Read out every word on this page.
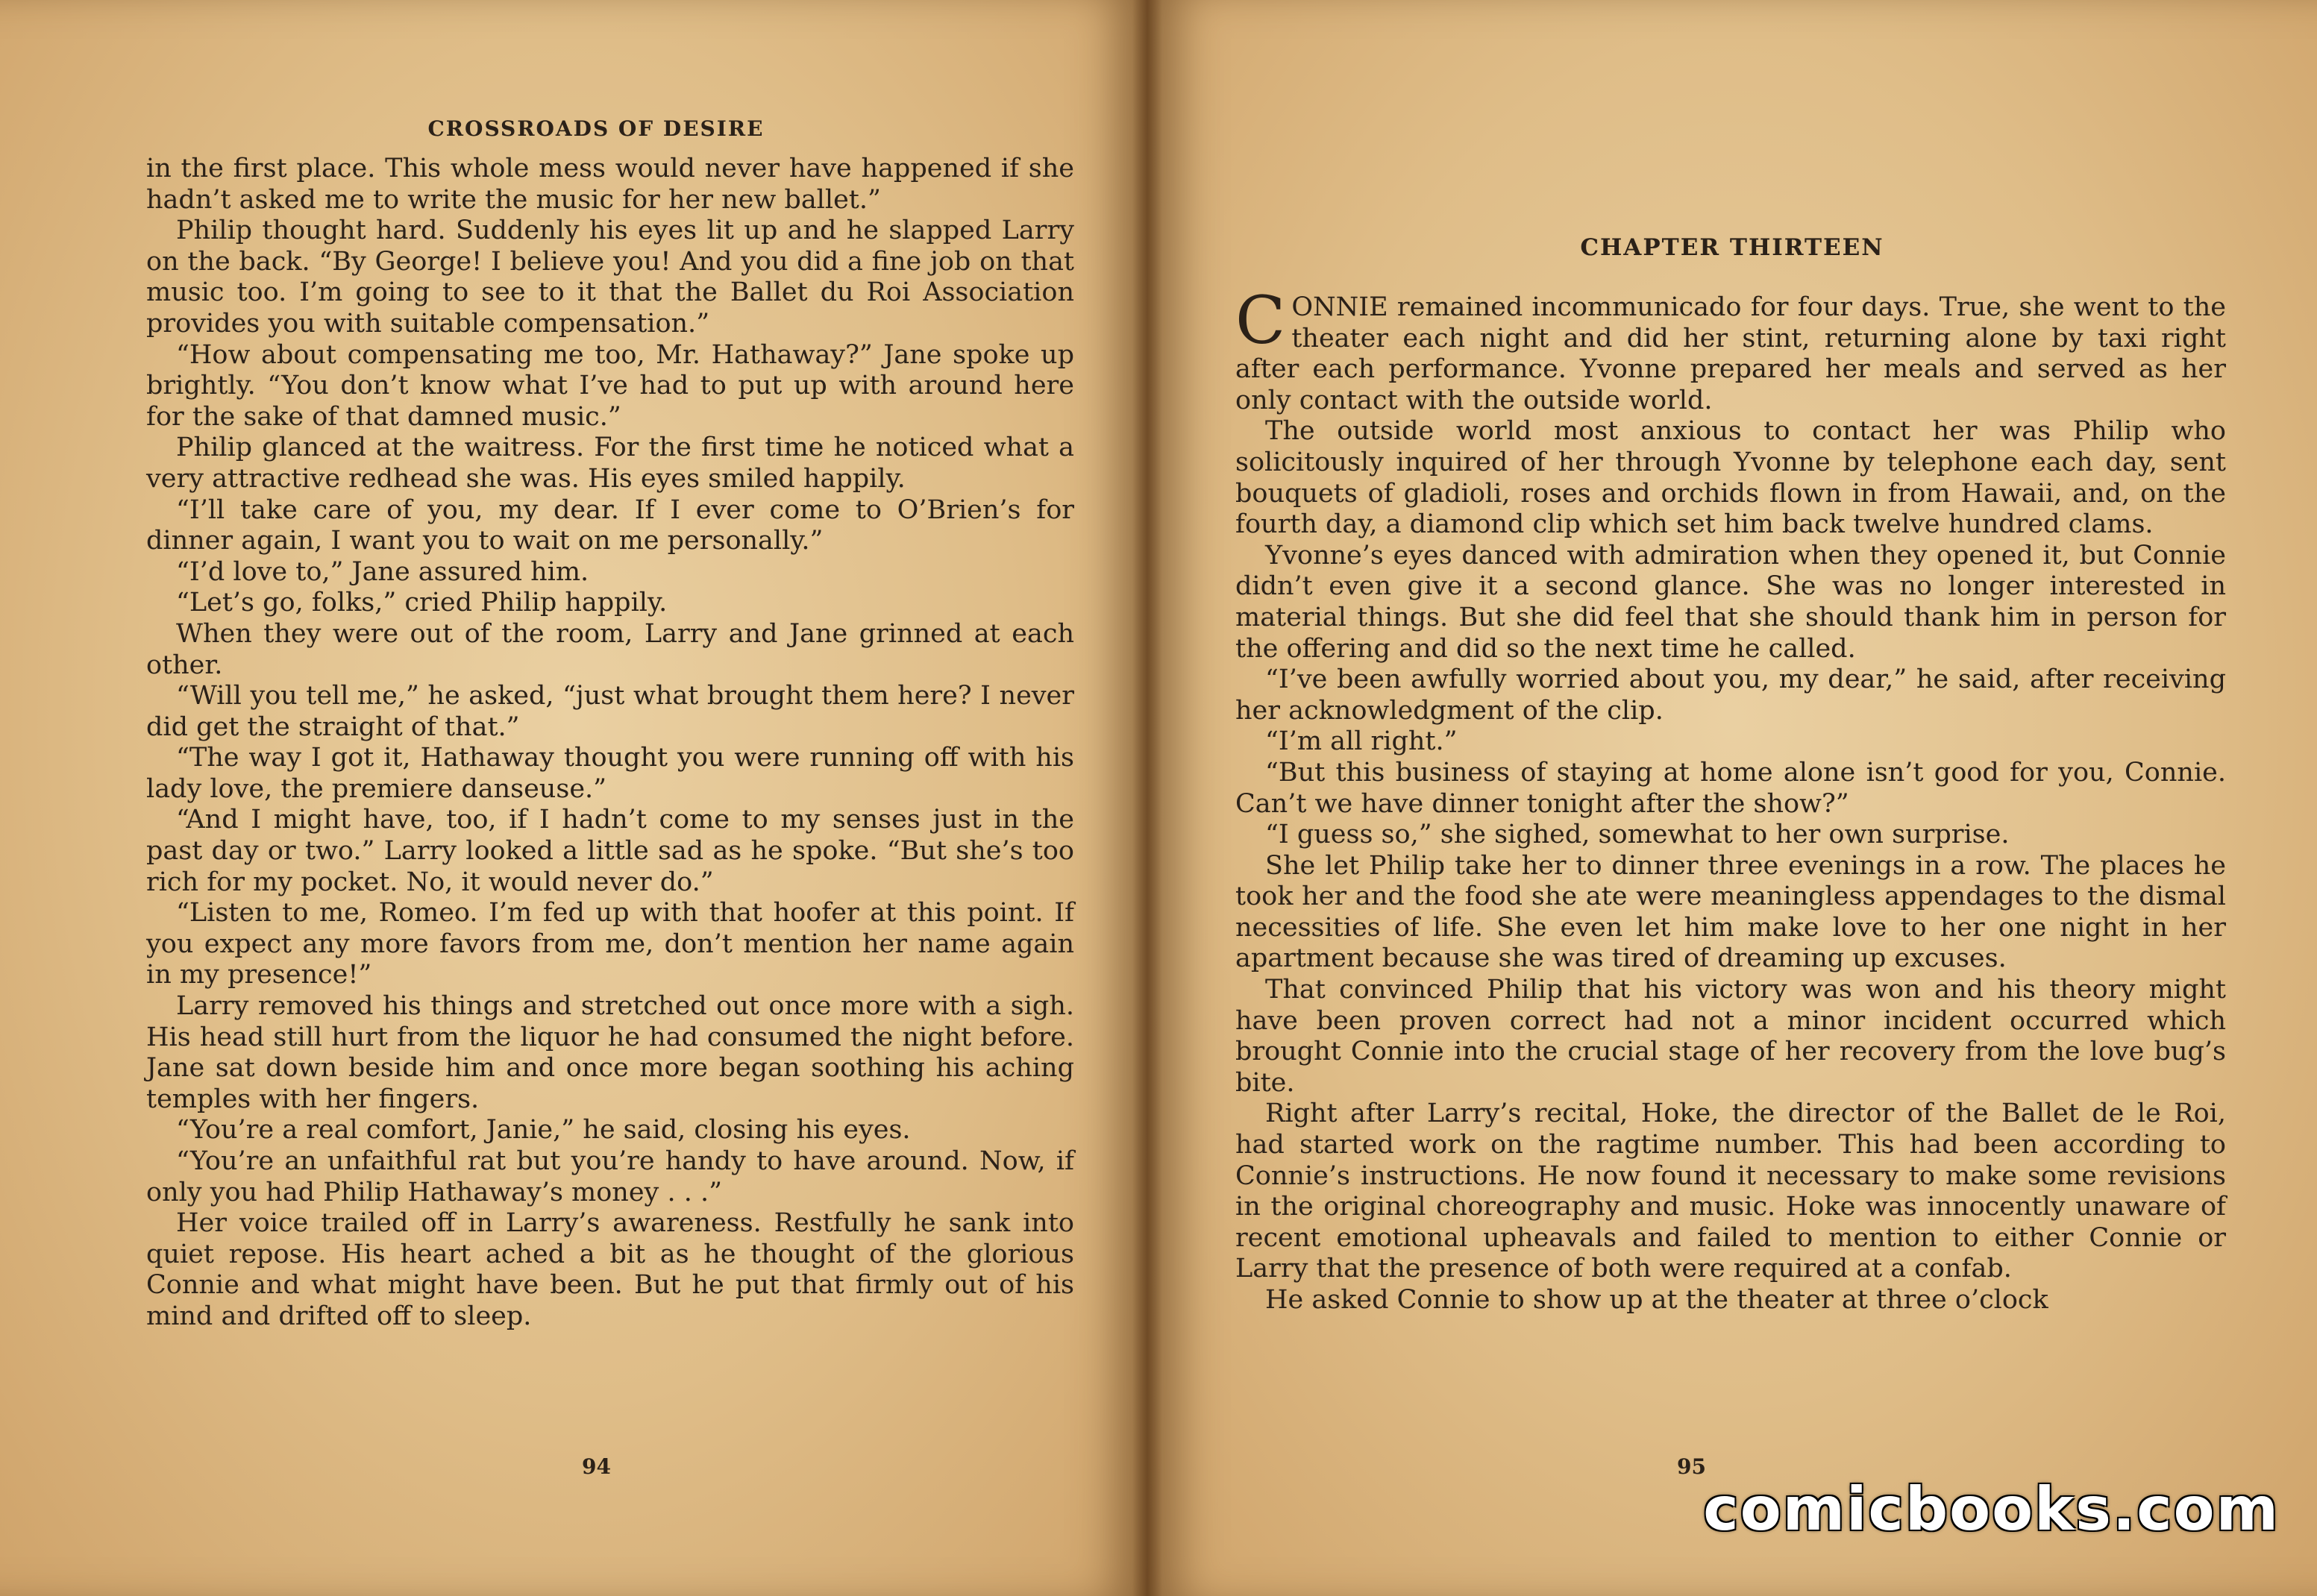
CROSSROADS OF DESIRE

in the first place. This whole mess would never have happened if she hadn’t asked me to write the music for her new ballet.”

Philip thought hard. Suddenly his eyes lit up and he slapped Larry on the back. “By George! I believe you! And you did a fine job on that music too. I’m going to see to it that the Ballet du Roi Association provides you with suitable compensation.”

“How about compensating me too, Mr. Hathaway?” Jane spoke up brightly. “You don’t know what I’ve had to put up with around here for the sake of that damned music.”

Philip glanced at the waitress. For the first time he noticed what a very attractive redhead she was. His eyes smiled happily.

“I’ll take care of you, my dear. If I ever come to O’Brien’s for dinner again, I want you to wait on me personally.”

“I’d love to,” Jane assured him.

“Let’s go, folks,” cried Philip happily.

When they were out of the room, Larry and Jane grinned at each other.

“Will you tell me,” he asked, “just what brought them here? I never did get the straight of that.”

“The way I got it, Hathaway thought you were running off with his lady love, the premiere danseuse.”

“And I might have, too, if I hadn’t come to my senses just in the past day or two.” Larry looked a little sad as he spoke. “But she’s too rich for my pocket. No, it would never do.”

“Listen to me, Romeo. I’m fed up with that hoofer at this point. If you expect any more favors from me, don’t mention her name again in my presence!”

Larry removed his things and stretched out once more with a sigh. His head still hurt from the liquor he had consumed the night before. Jane sat down beside him and once more began soothing his aching temples with her fingers.

“You’re a real comfort, Janie,” he said, closing his eyes.

“You’re an unfaithful rat but you’re handy to have around. Now, if only you had Philip Hathaway’s money . . .”

Her voice trailed off in Larry’s awareness. Restfully he sank into quiet repose. His heart ached a bit as he thought of the glorious Connie and what might have been. But he put that firmly out of his mind and drifted off to sleep.

94
CHAPTER THIRTEEN

CONNIE remained incommunicado for four days. True, she went to the theater each night and did her stint, returning alone by taxi right after each performance. Yvonne prepared her meals and served as her only contact with the outside world.

The outside world most anxious to contact her was Philip who solicitously inquired of her through Yvonne by telephone each day, sent bouquets of gladioli, roses and orchids flown in from Hawaii, and, on the fourth day, a diamond clip which set him back twelve hundred clams.

Yvonne’s eyes danced with admiration when they opened it, but Connie didn’t even give it a second glance. She was no longer interested in material things. But she did feel that she should thank him in person for the offering and did so the next time he called.

“I’ve been awfully worried about you, my dear,” he said, after receiving her acknowledgment of the clip.

“I’m all right.”

“But this business of staying at home alone isn’t good for you, Connie. Can’t we have dinner tonight after the show?”

“I guess so,” she sighed, somewhat to her own surprise.

She let Philip take her to dinner three evenings in a row. The places he took her and the food she ate were meaningless appendages to the dismal necessities of life. She even let him make love to her one night in her apartment because she was tired of dreaming up excuses.

That convinced Philip that his victory was won and his theory might have been proven correct had not a minor incident occurred which brought Connie into the crucial stage of her recovery from the love bug’s bite.

Right after Larry’s recital, Hoke, the director of the Ballet de le Roi, had started work on the ragtime number. This had been according to Connie’s instructions. He now found it necessary to make some revisions in the original choreography and music. Hoke was innocently unaware of recent emotional upheavals and failed to mention to either Connie or Larry that the presence of both were required at a confab.

He asked Connie to show up at the theater at three o’clock

95
comicbooks.com
